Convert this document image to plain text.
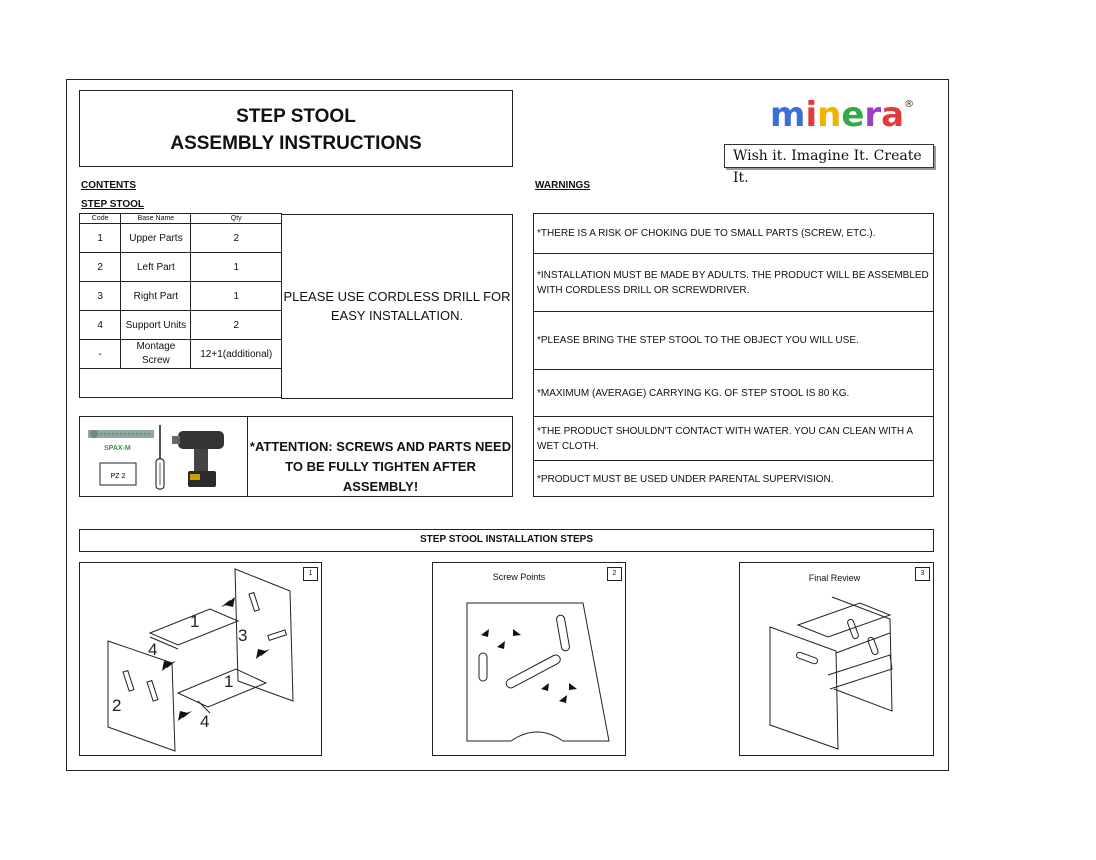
STEP STOOL
ASSEMBLY INSTRUCTIONS
minera®
Wish it. Imagine It. Create It.
CONTENTS
STEP STOOL
Code	Base Name	Qty
1	Upper Parts	2
2	Left Part	1
3	Right Part	1
4	Support Units	2
-	Montage Screw	12+1(additional)

PLEASE USE CORDLESS DRILL FOR EASY INSTALLATION.
SPAX-M
PZ 2
*ATTENTION: SCREWS AND PARTS NEED TO BE FULLY TIGHTEN AFTER ASSEMBLY!
WARNINGS
*THERE IS A RISK OF CHOKING DUE TO SMALL PARTS (SCREW, ETC.).
*INSTALLATION MUST BE MADE BY ADULTS. THE PRODUCT WILL BE ASSEMBLED WITH CORDLESS DRILL OR SCREWDRIVER.
*PLEASE BRING THE STEP STOOL TO THE OBJECT YOU WILL USE.
*MAXIMUM (AVERAGE) CARRYING KG. OF STEP STOOL IS 80 KG.
*THE PRODUCT SHOULDN'T CONTACT WITH WATER. YOU CAN CLEAN WITH A WET CLOTH.
*PRODUCT MUST BE USED UNDER PARENTAL SUPERVISION.
STEP STOOL INSTALLATION STEPS
1
1
1
2
3
4
4
2
Screw Points	3
Final Review
